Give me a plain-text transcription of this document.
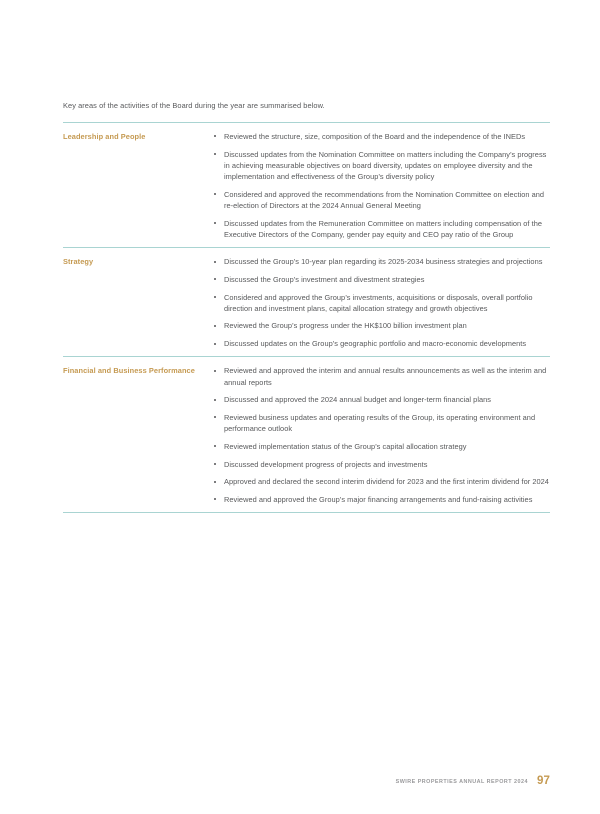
Key areas of the activities of the Board during the year are summarised below.

Leadership and People	Reviewed the structure, size, composition of the Board and the independence of the INEDs
Discussed updates from the Nomination Committee on matters including the Company’s progress in achieving measurable objectives on board diversity, updates on employee diversity and the implementation and effectiveness of the Group’s diversity policy
Considered and approved the recommendations from the Nomination Committee on election and re-election of Directors at the 2024 Annual General Meeting
Discussed updates from the Remuneration Committee on matters including compensation of the Executive Directors of the Company, gender pay equity and CEO pay ratio of the Group
Strategy	Discussed the Group’s 10-year plan regarding its 2025-2034 business strategies and projections
Discussed the Group’s investment and divestment strategies
Considered and approved the Group’s investments, acquisitions or disposals, overall portfolio direction and investment plans, capital allocation strategy and growth objectives
Reviewed the Group’s progress under the HK$100 billion investment plan
Discussed updates on the Group’s geographic portfolio and macro-economic developments
Financial and Business Performance	Reviewed and approved the interim and annual results announcements as well as the interim and annual reports
Discussed and approved the 2024 annual budget and longer-term financial plans
Reviewed business updates and operating results of the Group, its operating environment and performance outlook
Reviewed implementation status of the Group’s capital allocation strategy
Discussed development progress of projects and investments
Approved and declared the second interim dividend for 2023 and the first interim dividend for 2024
Reviewed and approved the Group’s major financing arrangements and fund-raising activities
SWIRE PROPERTIES ANNUAL REPORT 2024 97
